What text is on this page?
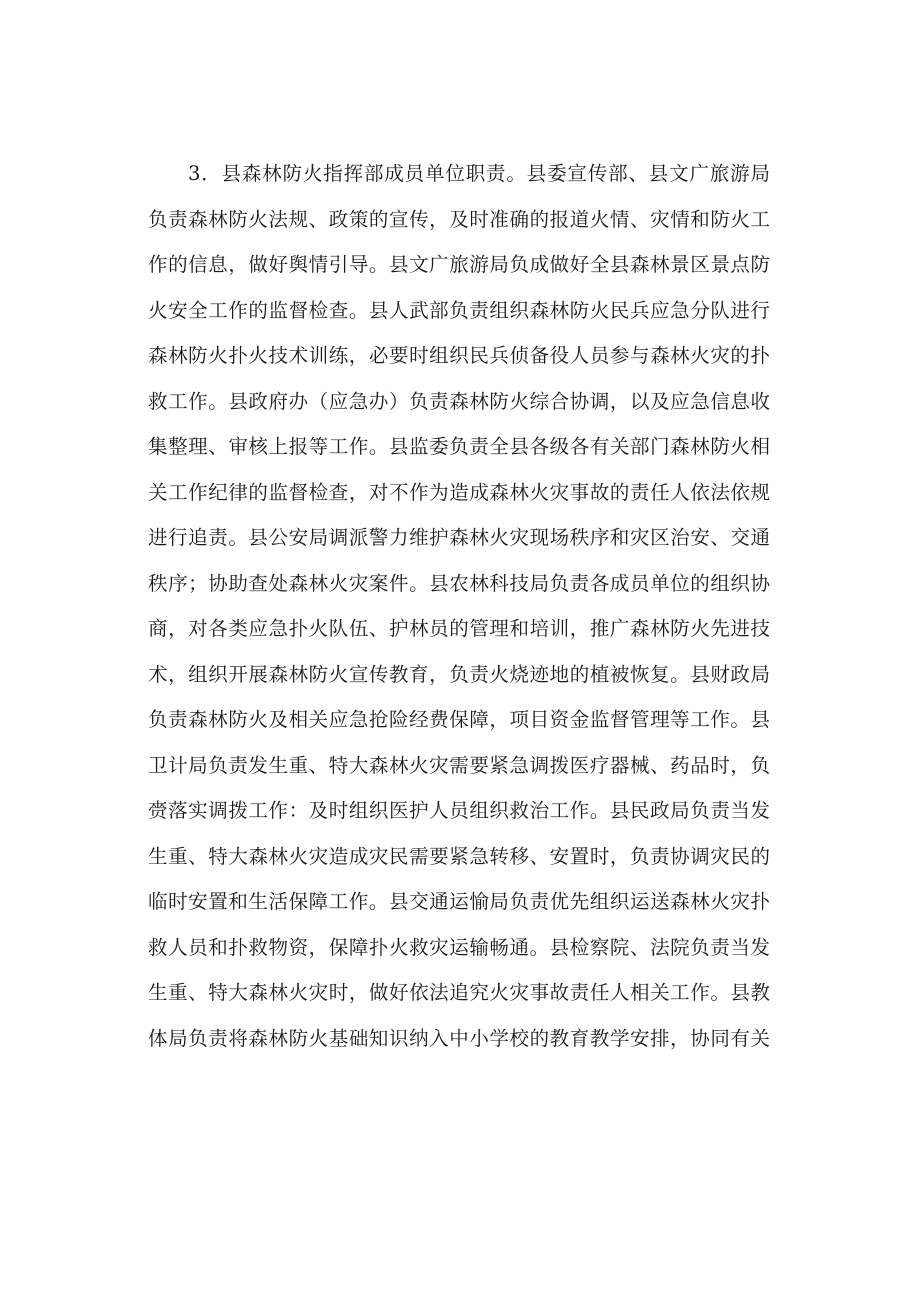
3．县森林防火指挥部成员单位职责。县委宣传部、县文广旅游局
负责森林防火法规、政策的宣传，及时准确的报道火情、灾情和防火工
作的信息，做好舆情引导。县文广旅游局负成做好全县森林景区景点防
火安全工作的监督检查。县人武部负责组织森林防火民兵应急分队进行
森林防火扑火技术训练，必要时组织民兵侦备役人员参与森林火灾的扑
救工作。县政府办（应急办）负责森林防火综合协调，以及应急信息收
集整理、审核上报等工作。县监委负责全县各级各有关部门森林防火相
关工作纪律的监督检查，对不作为造成森林火灾事故的责任人依法依规
进行追责。县公安局调派警力维护森林火灾现场秩序和灾区治安、交通
秩序；协助查处森林火灾案件。县农林科技局负责各成员单位的组织协
商，对各类应急扑火队伍、护林员的管理和培训，推广森林防火先进技
术，组织开展森林防火宣传教育，负责火烧迹地的植被恢复。县财政局
负责森林防火及相关应急抢险经费保障，项目资金监督管理等工作。县
卫计局负责发生重、特大森林火灾需要紧急调拨医疗器械、药品时，负
赍落实调拨工作：及时组织医护人员组织救治工作。县民政局负责当发
生重、特大森林火灾造成灾民需要紧急转移、安置时，负责协调灾民的
临时安置和生活保障工作。县交通运愉局负责优先组织运送森林火灾扑
救人员和扑救物资，保障扑火救灾运输畅通。县检察院、法院负责当发
生重、特大森林火灾时，做好依法追究火灾事故责任人相关工作。县教
体局负责将森林防火基础知识纳入中小学校的教育教学安排，协同有关
